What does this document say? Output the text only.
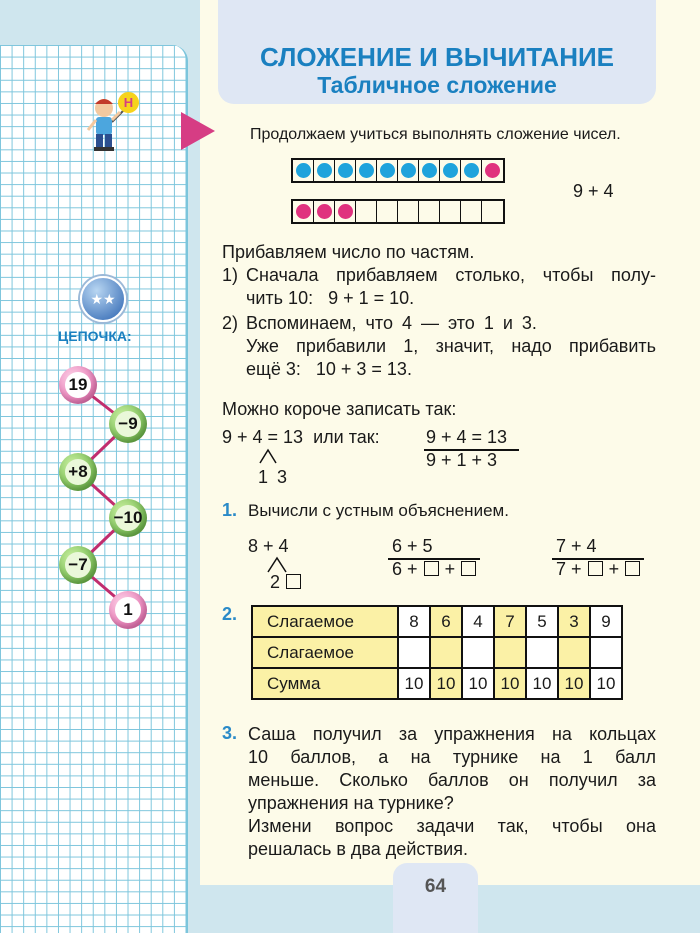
СЛОЖЕНИЕ И ВЫЧИТАНИЕ
Табличное сложение
Н
★★
ЦЕПОЧКА:
19
−9
+8
−10
−7
1
Продолжаем учиться выполнять сложение чисел.
9 + 4
Прибавляем число по частям.
1) Сначала прибавляем столько, чтобы полу-
чить 10: 9 + 1 = 10.
2) Вспоминаем, что 4 — это 1 и 3.
Уже прибавили 1, значит, надо прибавить
ещё 3: 10 + 3 = 13.
Можно короче записать так:
9 + 4 = 13 или так:
1 3
9 + 4 = 13
9 + 1 + 3
1. Вычисли с устным объяснением.
8 + 4
2
6 + 5
6 + +
7 + 4
7 + +
2. Слагаемое	8	6	4	7	5	3	9
Слагаемое							
Сумма	10	10	10	10	10	10	10
3. Саша получил за упражнения на кольцах
10 баллов, а на турнике на 1 балл
меньше. Сколько баллов он получил за
упражнения на турнике?
Измени вопрос задачи так, чтобы она
решалась в два действия.
64
